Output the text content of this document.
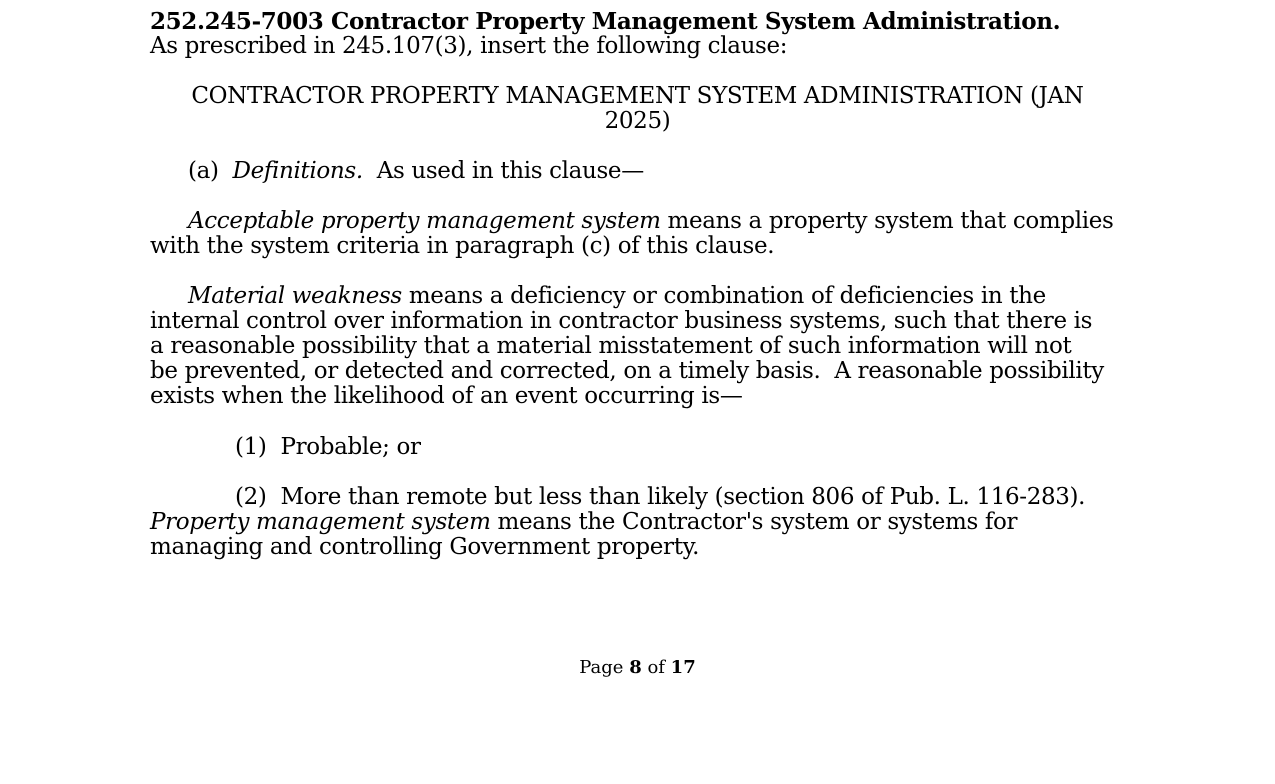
252.245-7003 Contractor Property Management System Administration.
As prescribed in 245.107(3), insert the following clause:
CONTRACTOR PROPERTY MANAGEMENT SYSTEM ADMINISTRATION (JAN
2025)
(a)  Definitions.  As used in this clause—
Acceptable property management system means a property system that complies
with the system criteria in paragraph (c) of this clause.
Material weakness means a deficiency or combination of deficiencies in the
internal control over information in contractor business systems, such that there is
a reasonable possibility that a material misstatement of such information will not
be prevented, or detected and corrected, on a timely basis.  A reasonable possibility
exists when the likelihood of an event occurring is—
(1)  Probable; or
(2)  More than remote but less than likely (section 806 of Pub. L. 116-283).
Property management system means the Contractor's system or systems for
managing and controlling Government property.
Page 8 of 17
